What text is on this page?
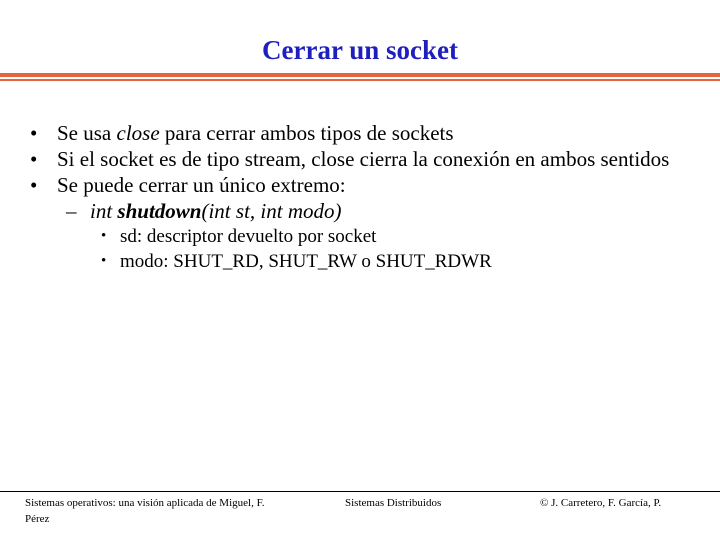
Cerrar un socket
• Se usa close para cerrar ambos tipos de sockets
• Si el socket es de tipo stream, close cierra la conexión en ambos sentidos
• Se puede cerrar un único extremo:
– int shutdown(int st, int modo)
• sd: descriptor devuelto por socket
• modo: SHUT_RD, SHUT_RW o SHUT_RDWR
Sistemas operativos: una visión aplicada de Miguel, F. Pérez
Sistemas Distribuidos	© J. Carretero, F. García, P.
